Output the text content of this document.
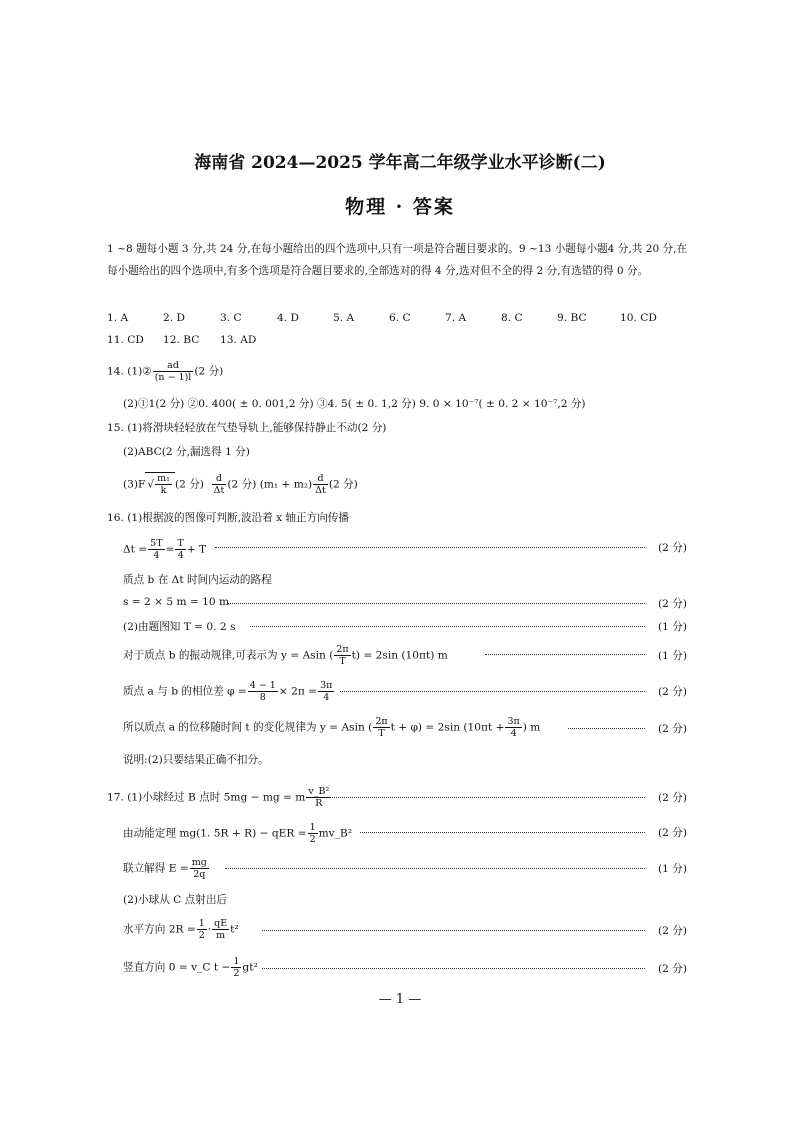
海南省 2024—2025 学年高二年级学业水平诊断(二)
物理 · 答案
1 ~8 题每小题 3 分,共 24 分,在每小题给出的四个选项中,只有一项是符合题目要求的。9 ~13 小题每小题4 分,共 20 分,在每小题给出的四个选项中,有多个选项是符合题目要求的,全部选对的得 4 分,选对但不全的得 2 分,有选错的得 0 分。
1. A	2. D	3. C	4. D	5. A	6. C	7. A	8. C	9. BC	10. CD
11. CD 12. BC 13. AD
14. (1)② $\frac{ad}{(n - 1)l} (2$ 分)
(2)①1(2 分) ②0. 400( ± 0. 001,2 分) ③4. 5( ± 0. 1,2 分) 9. 0 × 10⁻⁷( ± 0. 2 × 10⁻⁷,2 分)
15. (1)将滑块轻轻放在气垫导轨上,能够保持静止不动(2 分)
(2)ABC(2 分,漏选得 1 分)
(3)F √ $\frac{\text{m₁}}{k} (2$ 分) $\frac{d}{\Delta t} (2$ 分) $(m_1 + m_2) \frac{d}{\Delta t} (2$ 分)
16. (1)根据波的图像可判断,波沿着 x 轴正方向传播
$\Delta t = \frac{5T}{4} = \frac{T}{4} + T$	(2 分)
质点 b 在 Δt 时间内运动的路程
s = 2 × 5 m = 10 m	(2 分)
(2)由题图知 T = 0. 2 s	(1 分)
对于质点 b 的振动规律,可表示为 y = Asin ( $\frac{2\pi}{T} t) = 2\sin$ (10πt) m	(1 分)
质点 a 与 b 的相位差 $\varphi = \frac{4 - 1}{8} \times 2\pi = \frac{3\pi}{4}$	(2 分)
所以质点 a 的位移随时间 t 的变化规律为 y = Asin ( $\frac{2\pi}{T}$ t + φ) = 2sin ($10\pi t + \frac{3\pi}{4}$ ) m	(2 分)
说明:(2)只要结果正确不扣分。
17. (1)小球经过 B 点时 5mg − mg = m $\frac{\text{v\_B²}}{R}$	(2 分)
由动能定理 mg(1. 5R + R) − qER = $\frac{1}{2}$ mv_B²	(2 分)
联立解得 $E = \frac{mg}{2q}$	(1 分)
(2)小球从 C 点射出后
水平方向 $2R = \frac{1}{2} \cdot \frac{qE}{m} t^2$	(2 分)
竖直方向 0 = v_C $t - \frac{1}{2} gt^2$	(2 分)
— 1 —
